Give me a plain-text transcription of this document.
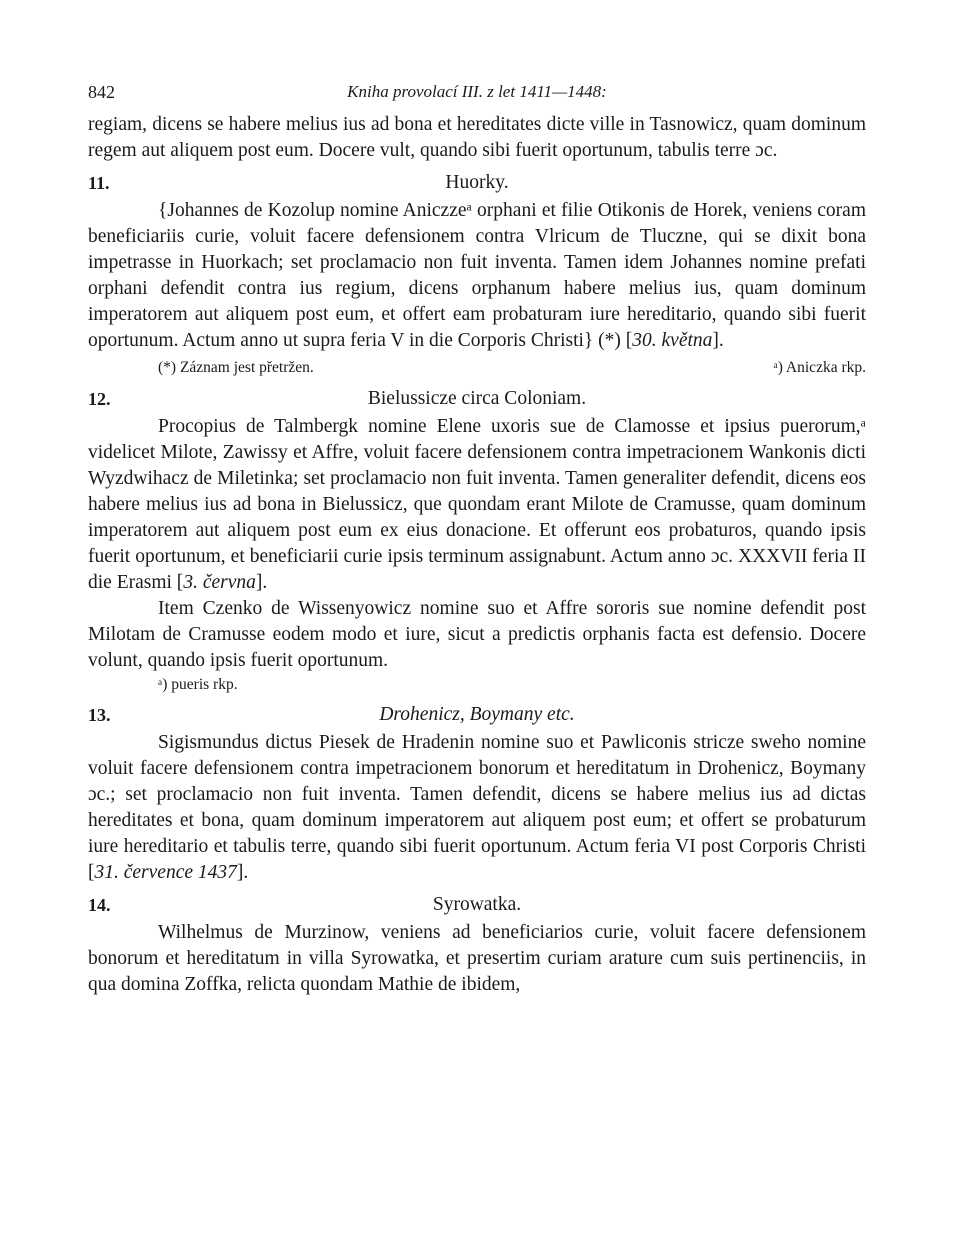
842	Kniha provolací III. z let 1411—1448:

regiam, dicens se habere melius ius ad bona et hereditates dicte ville in Tasnowicz, quam dominum regem aut aliquem post eum. Docere vult, quando sibi fuerit oportunum, tabulis terre ɔc.

11.	Huorky.

{Johannes de Kozolup nomine Aniczzeᵃ orphani et filie Otikonis de Horek, veniens coram beneficiariis curie, voluit facere defensionem contra Vlricum de Tluczne, qui se dixit bona impetrasse in Huorkach; set proclamacio non fuit inventa. Tamen idem Johannes nomine prefati orphani defendit contra ius regium, dicens orphanum habere melius ius, quam dominum imperatorem aut aliquem post eum, et offert eam probaturam iure hereditario, quando sibi fuerit oportunum. Actum anno ut supra feria V in die Corporis Christi} (*) [30. května].

(*) Záznam jest přetržen.	ᵃ) Aniczka rkp.
12.	Bielussicze circa Coloniam.

Procopius de Talmbergk nomine Elene uxoris sue de Clamosse et ipsius puerorum,ᵃ videlicet Milote, Zawissy et Affre, voluit facere defensionem contra impetracionem Wankonis dicti Wyzdwihacz de Miletinka; set proclamacio non fuit inventa. Tamen generaliter defendit, dicens eos habere melius ius ad bona in Bielussicz, que quondam erant Milote de Cramusse, quam dominum imperatorem aut aliquem post eum ex eius donacione. Et offerunt eos probaturos, quando ipsis fuerit oportunum, et beneficiarii curie ipsis terminum assignabunt. Actum anno ɔc. XXXVII feria II die Erasmi [3. června].

Item Czenko de Wissenyowicz nomine suo et Affre sororis sue nomine defendit post Milotam de Cramusse eodem modo et iure, sicut a predictis orphanis facta est defensio. Docere volunt, quando ipsis fuerit oportunum.

ᵃ) pueris rkp.

13.	Drohenicz, Boymany etc.

Sigismundus dictus Piesek de Hradenin nomine suo et Pawliconis stricze sweho nomine voluit facere defensionem contra impetracionem bonorum et hereditatum in Drohenicz, Boymany ɔc.; set proclamacio non fuit inventa. Tamen defendit, dicens se habere melius ius ad dictas hereditates et bona, quam dominum imperatorem aut aliquem post eum; et offert se probaturum iure hereditario et tabulis terre, quando sibi fuerit oportunum. Actum feria VI post Corporis Christi [31. července 1437].

14.	Syrowatka.

Wilhelmus de Murzinow, veniens ad beneficiarios curie, voluit facere defensionem bonorum et hereditatum in villa Syrowatka, et presertim curiam arature cum suis pertinenciis, in qua domina Zoffka, relicta quondam Mathie de ibidem,
